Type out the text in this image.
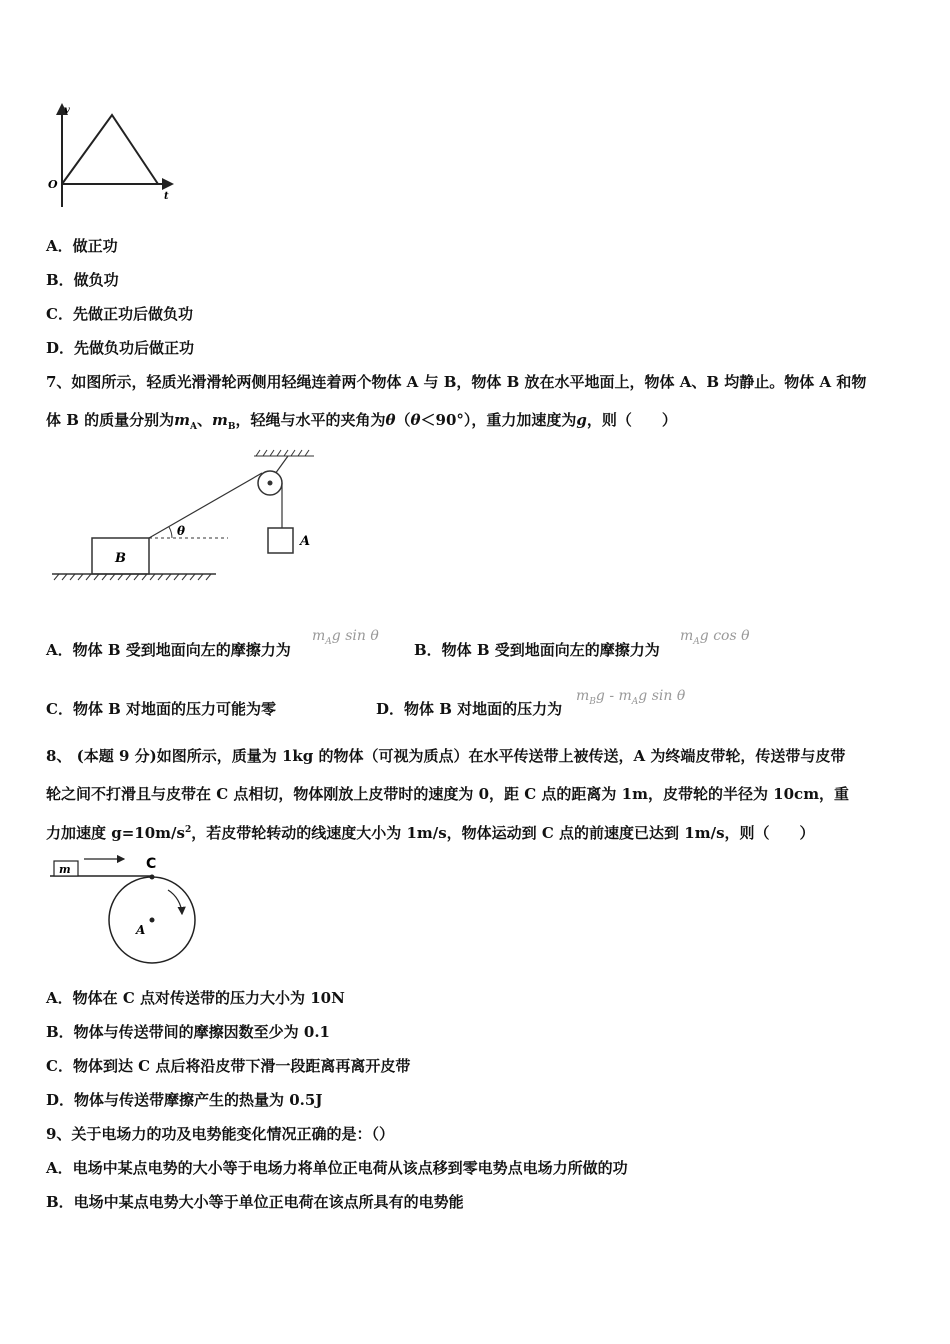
v
t
O
A．做正功
B．做负功
C．先做正功后做负功
D．先做负功后做正功
7、如图所示，轻质光滑滑轮两侧用轻绳连着两个物体 A 与 B，物体 B 放在水平地面上，物体 A、B 均静止。物体 A 和物
体 B 的质量分别为$m_A$、$m_B$，轻绳与水平的夹角为θ（θ＜90°），重力加速度为g，则（　　）
θ
B
A
A．物体 B 受到地面向左的摩擦力为
$m_Ag$ sin θ
B．物体 B 受到地面向左的摩擦力为
$m_Ag$ cos θ
C．物体 B 对地面的压力可能为零	D．物体 B 对地面的压力为
$m_Bg - m_Ag$ sin θ
8、 (本题 9 分)如图所示，质量为 1kg 的物体（可视为质点）在水平传送带上被传送，A 为终端皮带轮，传送带与皮带
轮之间不打滑且与皮带在 C 点相切，物体刚放上皮带时的速度为 0，距 C 点的距离为 1m，皮带轮的半径为 10cm，重
力加速度 $g=10m/s^2$，若皮带轮转动的线速度大小为 1m/s，物体运动到 C 点的前速度已达到 1m/s，则（　　）
m	C
A
A．物体在 C 点对传送带的压力大小为 10N
B．物体与传送带间的摩擦因数至少为 0.1
C．物体到达 C 点后将沿皮带下滑一段距离再离开皮带
D．物体与传送带摩擦产生的热量为 0.5J
9、关于电场力的功及电势能变化情况正确的是：（）
A．电场中某点电势的大小等于电场力将单位正电荷从该点移到零电势点电场力所做的功
B．电场中某点电势大小等于单位正电荷在该点所具有的电势能
